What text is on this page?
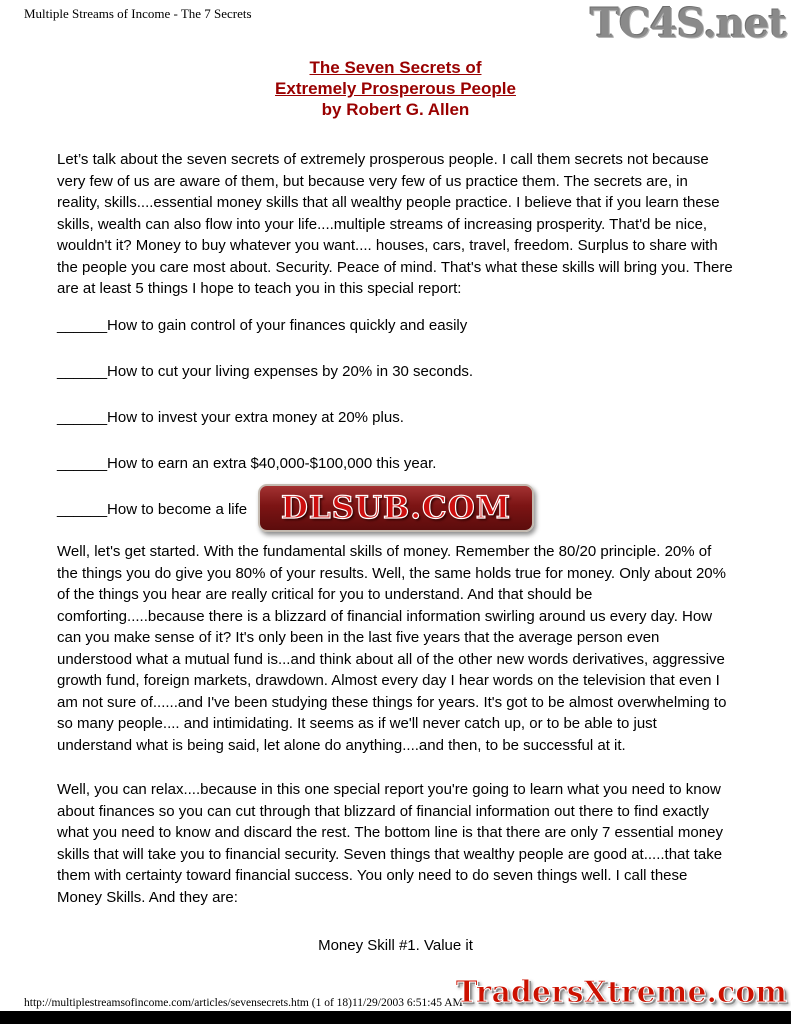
Multiple Streams of Income - The 7 Secrets	TC4S.net
The Seven Secrets of
Extremely Prosperous People
by Robert G. Allen

Let’s talk about the seven secrets of extremely prosperous people. I call them secrets not because very few of us are aware of them, but because very few of us practice them. The secrets are, in reality, skills....essential money skills that all wealthy people practice. I believe that if you learn these skills, wealth can also flow into your life....multiple streams of increasing prosperity. That'd be nice, wouldn't it? Money to buy whatever you want.... houses, cars, travel, freedom. Surplus to share with the people you care most about. Security. Peace of mind. That's what these skills will bring you. There are at least 5 things I hope to teach you in this special report:

______How to gain control of your finances quickly and easily
______How to cut your living expenses by 20% in 30 seconds.
______How to invest your extra money at 20% plus.
______How to earn an extra $40,000-$100,000 this year.
______How to become a life

Well, let's get started. With the fundamental skills of money. Remember the 80/20 principle. 20% of the things you do give you 80% of your results. Well, the same holds true for money. Only about 20% of the things you hear are really critical for you to understand. And that should be comforting.....because there is a blizzard of financial information swirling around us every day. How can you make sense of it? It's only been in the last five years that the average person even understood what a mutual fund is...and think about all of the other new words derivatives, aggressive growth fund, foreign markets, drawdown. Almost every day I hear words on the television that even I am not sure of......and I've been studying these things for years. It's got to be almost overwhelming to so many people.... and intimidating. It seems as if we'll never catch up, or to be able to just understand what is being said, let alone do anything....and then, to be successful at it.

Well, you can relax....because in this one special report you're going to learn what you need to know about finances so you can cut through that blizzard of financial information out there to find exactly what you need to know and discard the rest. The bottom line is that there are only 7 essential money skills that will take you to financial security. Seven things that wealthy people are good at.....that take them with certainty toward financial success. You only need to do seven things well. I call these Money Skills. And they are:

Money Skill #1. Value it
DLSUB.COM
http://multiplestreamsofincome.com/articles/sevensecrets.htm (1 of 18)11/29/2003 6:51:45 AM
TradersXtreme.com
